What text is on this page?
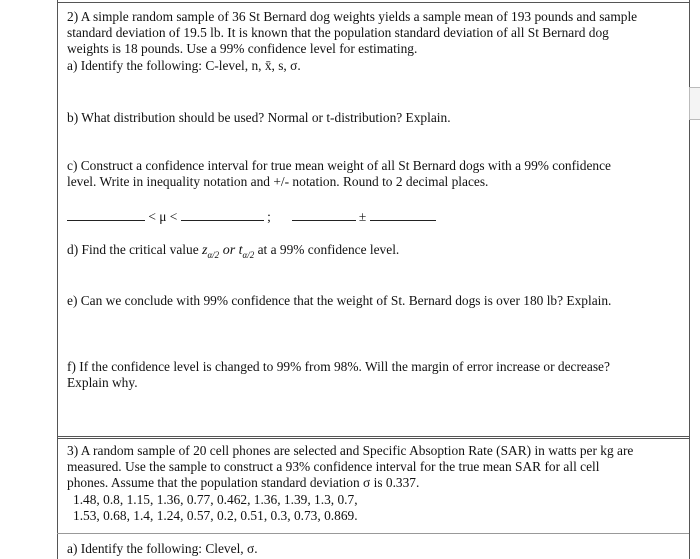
2) A simple random sample of 36 St Bernard dog weights yields a sample mean of 193 pounds and sample

standard deviation of 19.5 lb. It is known that the population standard deviation of all St Bernard dog

weights is 18 pounds. Use a 99% confidence level for estimating.

a) Identify the following: C-level, n, x̄, s, σ.

b) What distribution should be used? Normal or t-distribution? Explain.

c) Construct a confidence interval for true mean weight of all St Bernard dogs with a 99% confidence

level. Write in inequality notation and +/- notation. Round to 2 decimal places.

< μ <	;	±

d) Find the critical value $z_{\alpha/2}$ or $t_{\alpha/2}$ at a 99% confidence level.

e) Can we conclude with 99% confidence that the weight of St. Bernard dogs is over 180 lb? Explain.

f) If the confidence level is changed to 99% from 98%. Will the margin of error increase or decrease?

Explain why.

3) A random sample of 20 cell phones are selected and Specific Absoption Rate (SAR) in watts per kg are

measured. Use the sample to construct a 93% confidence interval for the true mean SAR for all cell

phones. Assume that the population standard deviation σ is 0.337.

1.48, 0.8, 1.15, 1.36, 0.77, 0.462, 1.36, 1.39, 1.3, 0.7,

1.53, 0.68, 1.4, 1.24, 0.57, 0.2, 0.51, 0.3, 0.73, 0.869.

a) Identify the following: Clevel, σ.
